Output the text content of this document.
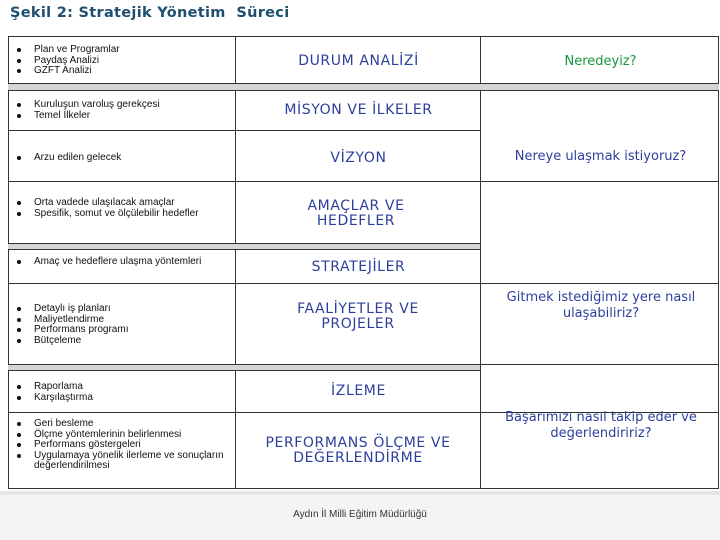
Şekil 2: Stratejik Yönetim  Süreci
Plan ve Programlar
Paydaş Analizi
GZFT Analizi
Kuruluşun varoluş gerekçesi
Temel İlkeler
Arzu edilen gelecek
Orta vadede ulaşılacak amaçlar
Spesifik, somut ve ölçülebilir hedefler
Amaç ve hedeflere ulaşma yöntemleri
Detaylı iş planları
Maliyetlendirme
Performans programı
Bütçeleme
Raporlama
Karşılaştırma
Geri besleme
Ölçme yöntemlerinin belirlenmesi
Performans göstergeleri
Uygulamaya yönelik ilerleme ve sonuçların değerlendirilmesi
DURUM ANALİZİ
MİSYON VE İLKELER
VİZYON
AMAÇLAR VE HEDEFLER
STRATEJİLER
FAALİYETLER VE PROJELER
İZLEME
PERFORMANS ÖLÇME VE DEĞERLENDİRME
Neredeyiz?
Nereye ulaşmak istiyoruz?
Gitmek istediğimiz yere nasıl ulaşabiliriz?
Başarımızı nasıl takip eder ve değerlendiririz?
Aydın İl Milli Eğitim Müdürlüğü
